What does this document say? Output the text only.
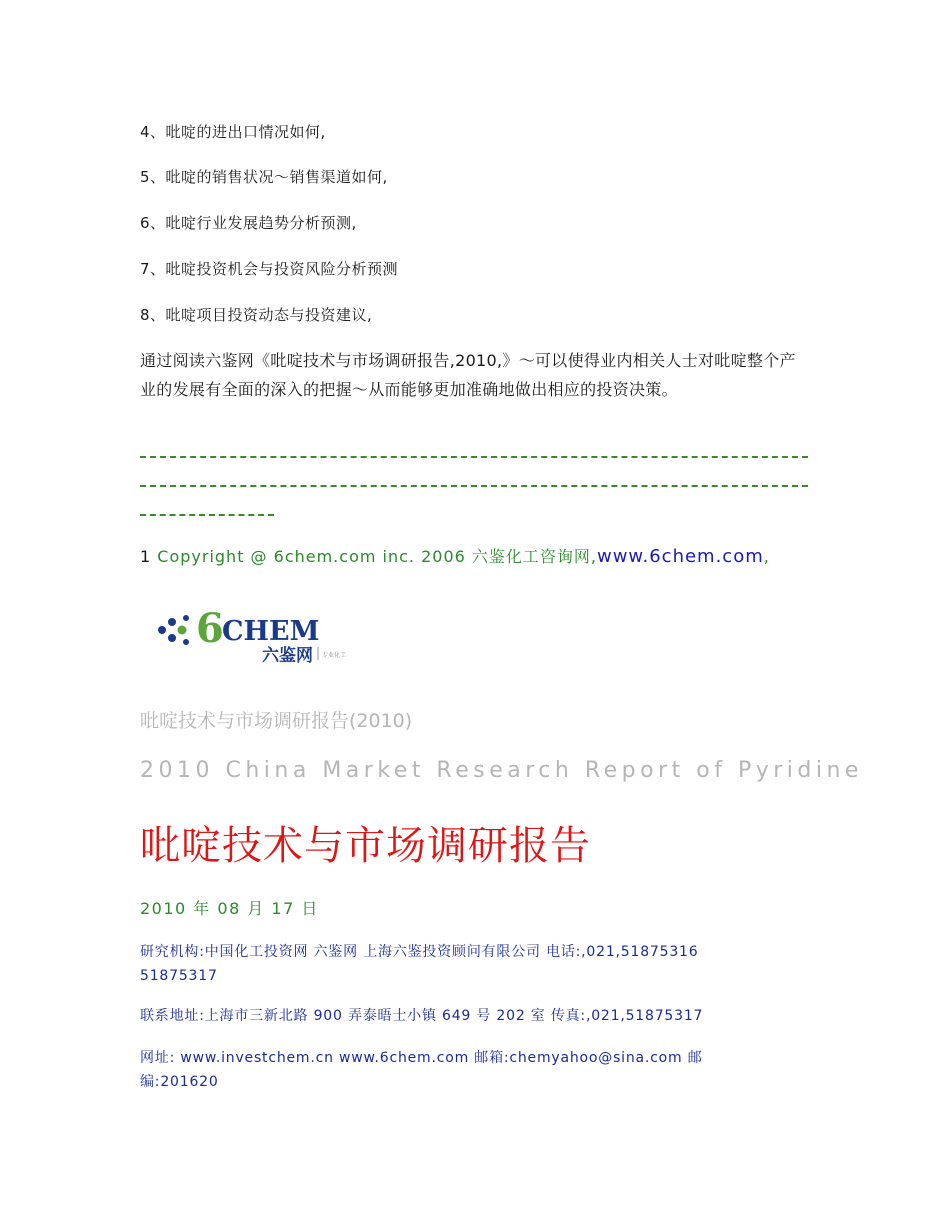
4、吡啶的进出口情况如何,
5、吡啶的销售状况～销售渠道如何,
6、吡啶行业发展趋势分析预测,
7、吡啶投资机会与投资风险分析预测
8、吡啶项目投资动态与投资建议,
通过阅读六鉴网《吡啶技术与市场调研报告,2010,》～可以使得业内相关人士对吡啶整个产业的发展有全面的深入的把握～从而能够更加准确地做出相应的投资决策。
1 Copyright @ 6chem.com inc. 2006 六鉴化工咨询网,www.6chem.com,
6
CHEM
六鉴网 专业化工
吡啶技术与市场调研报告(2010)
2010 China Market Research Report of Pyridine
吡啶技术与市场调研报告
2010 年 08 月 17 日
研究机构:中国化工投资网 六鉴网 上海六鉴投资顾问有限公司 电话:,021,51875316 51875317
联系地址:上海市三新北路 900 弄泰晤士小镇 649 号 202 室 传真:,021,51875317
网址: www.investchem.cn www.6chem.com 邮箱:chemyahoo@sina.com 邮编:201620
